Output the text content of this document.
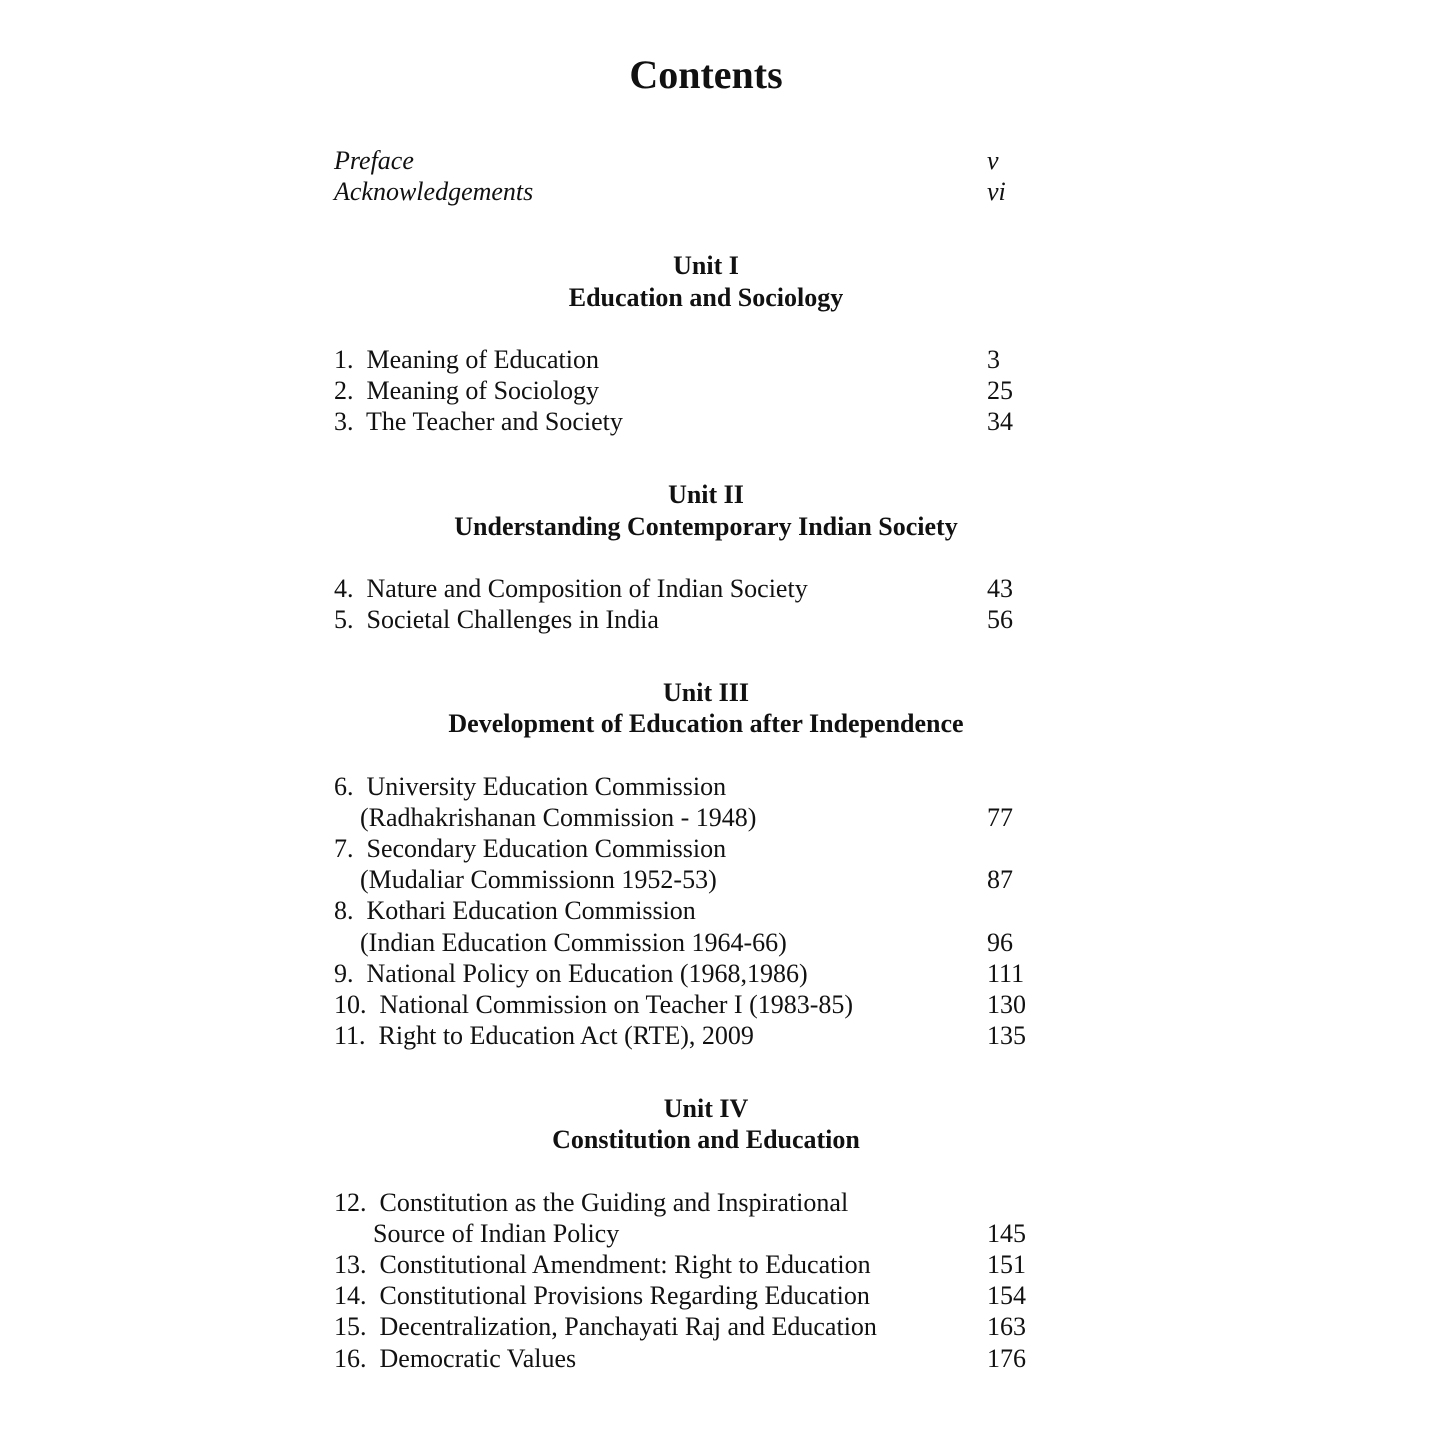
Contents
Preface	v
Acknowledgements	vi
Unit I
Education and Sociology
1.  Meaning of Education	3
2.  Meaning of Sociology	25
3.  The Teacher and Society	34
Unit II
Understanding Contemporary Indian Society
4.  Nature and Composition of Indian Society	43
5.  Societal Challenges in India	56
Unit III
Development of Education after Independence
6.  University Education Commission
(Radhakrishanan Commission - 1948)	77
7.  Secondary Education Commission
(Mudaliar Commissionn 1952-53)	87
8.  Kothari Education Commission
(Indian Education Commission 1964-66)	96
9.  National Policy on Education (1968,1986)	111
10.  National Commission on Teacher I (1983-85)	130
11.  Right to Education Act (RTE), 2009	135
Unit IV
Constitution and Education
12.  Constitution as the Guiding and Inspirational
Source of Indian Policy	145
13.  Constitutional Amendment: Right to Education	151
14.  Constitutional Provisions Regarding Education	154
15.  Decentralization, Panchayati Raj and Education	163
16.  Democratic Values	176
